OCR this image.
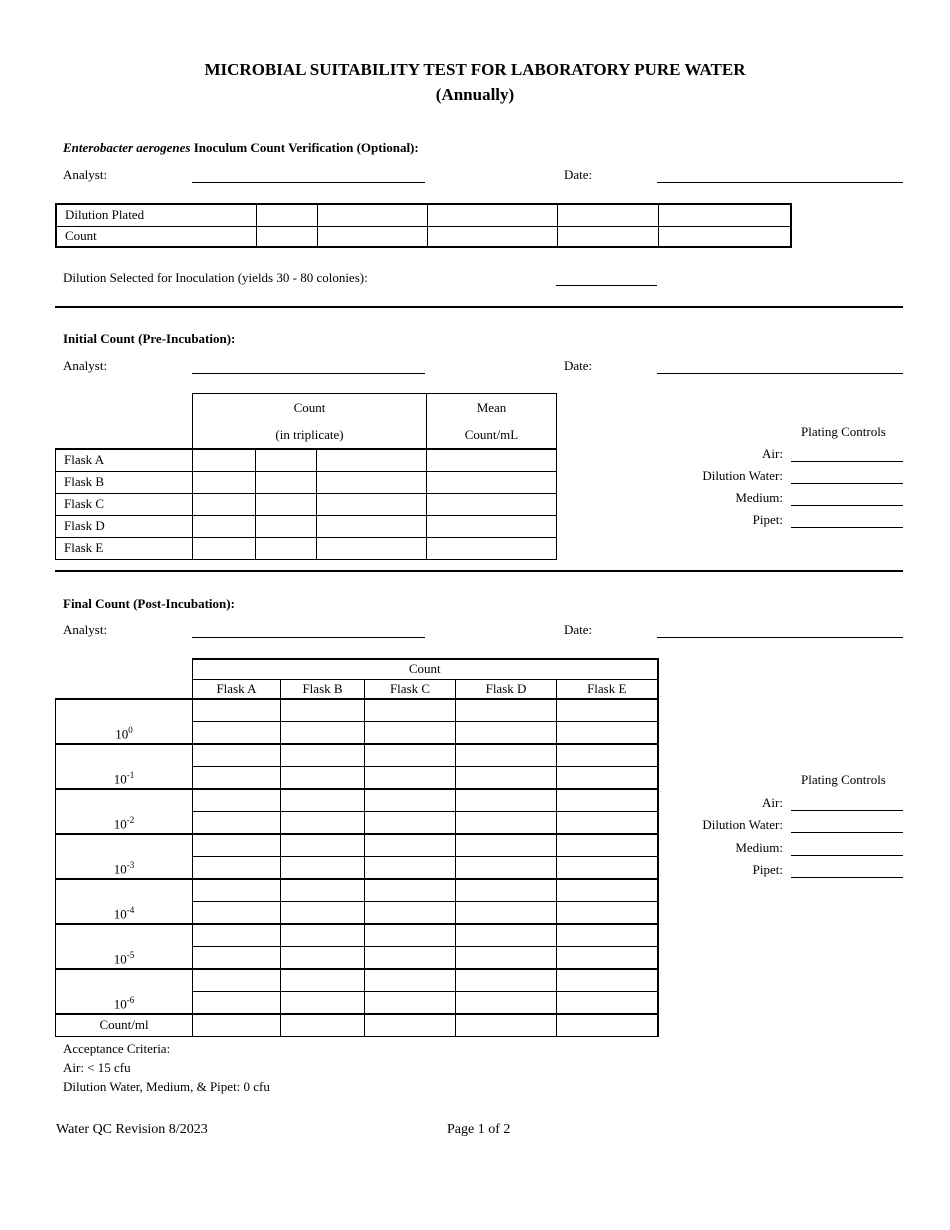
MICROBIAL SUITABILITY TEST FOR LABORATORY PURE WATER
(Annually)
Enterobacter aerogenes Inoculum Count Verification (Optional):
Analyst:	Date:
Dilution Plated					
Count					
Dilution Selected for Inoculation (yields 30 - 80 colonies):
Initial Count (Pre-Incubation):
Analyst:	Date:
	Count
(in triplicate)			Mean
Count/mL
Flask A				
Flask B				
Flask C				
Flask D				
Flask E				
Plating Controls
Air:
Dilution Water:
Medium:
Pipet:
Final Count (Post-Incubation):
Analyst:	Date:
	Count				
	Flask A	Flask B	Flask C	Flask D	Flask E
$10^0$					

$10^{-1}$					

$10^{-2}$					

$10^{-3}$					

$10^{-4}$					

$10^{-5}$					

$10^{-6}$					

Count/ml					
Plating Controls
Air:
Dilution Water:
Medium:
Pipet:
Acceptance Criteria:
Air: < 15 cfu
Dilution Water, Medium, & Pipet: 0 cfu
Water QC Revision 8/2023	Page 1 of 2
